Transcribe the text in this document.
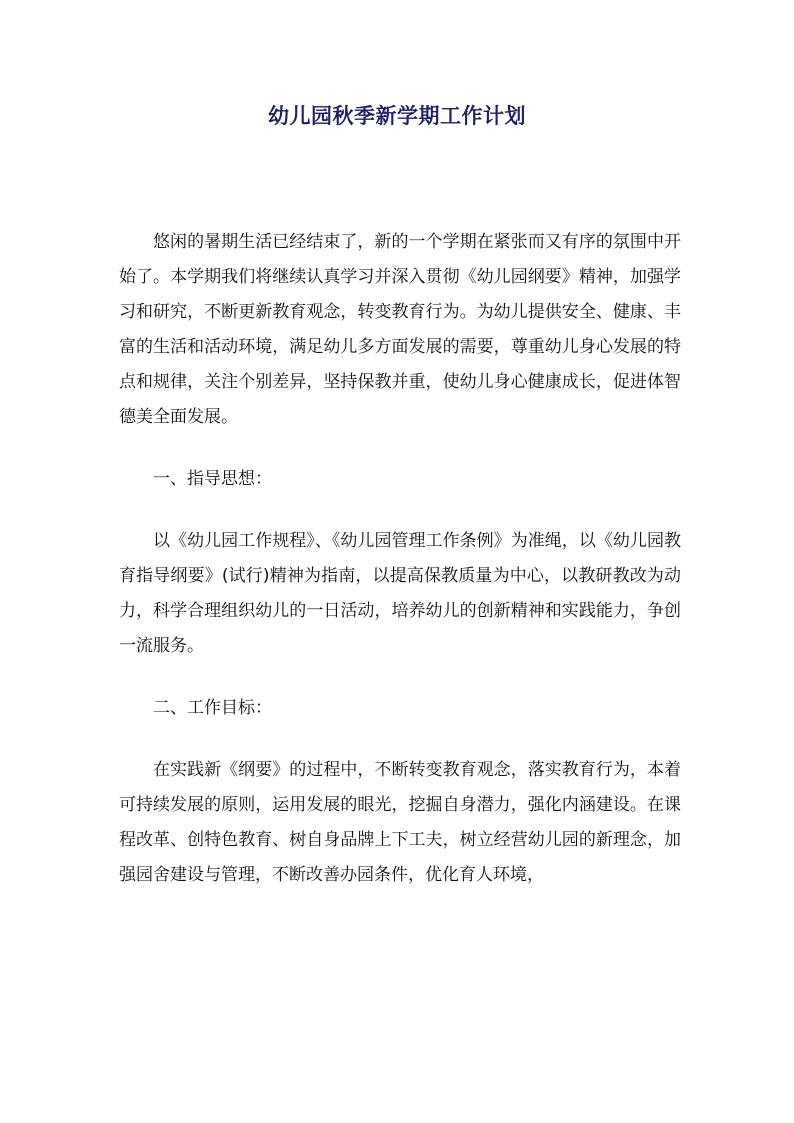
幼儿园秋季新学期工作计划

悠闲的暑期生活已经结束了，新的一个学期在紧张而又有序的氛围中开始了。本学期我们将继续认真学习并深入贯彻《幼儿园纲要》精神，加强学习和研究，不断更新教育观念，转变教育行为。为幼儿提供安全、健康、丰富的生活和活动环境，满足幼儿多方面发展的需要，尊重幼儿身心发展的特点和规律，关注个别差异，坚持保教并重，使幼儿身心健康成长，促进体智德美全面发展。

一、指导思想：

以《幼儿园工作规程》、《幼儿园管理工作条例》为准绳，以《幼儿园教育指导纲要》(试行)精神为指南，以提高保教质量为中心，以教研教改为动力，科学合理组织幼儿的一日活动，培养幼儿的创新精神和实践能力，争创一流服务。

二、工作目标：

在实践新《纲要》的过程中，不断转变教育观念，落实教育行为，本着可持续发展的原则，运用发展的眼光，挖掘自身潜力，强化内涵建设。在课程改革、创特色教育、树自身品牌上下工夫，树立经营幼儿园的新理念，加强园舍建设与管理，不断改善办园条件，优化育人环境，
